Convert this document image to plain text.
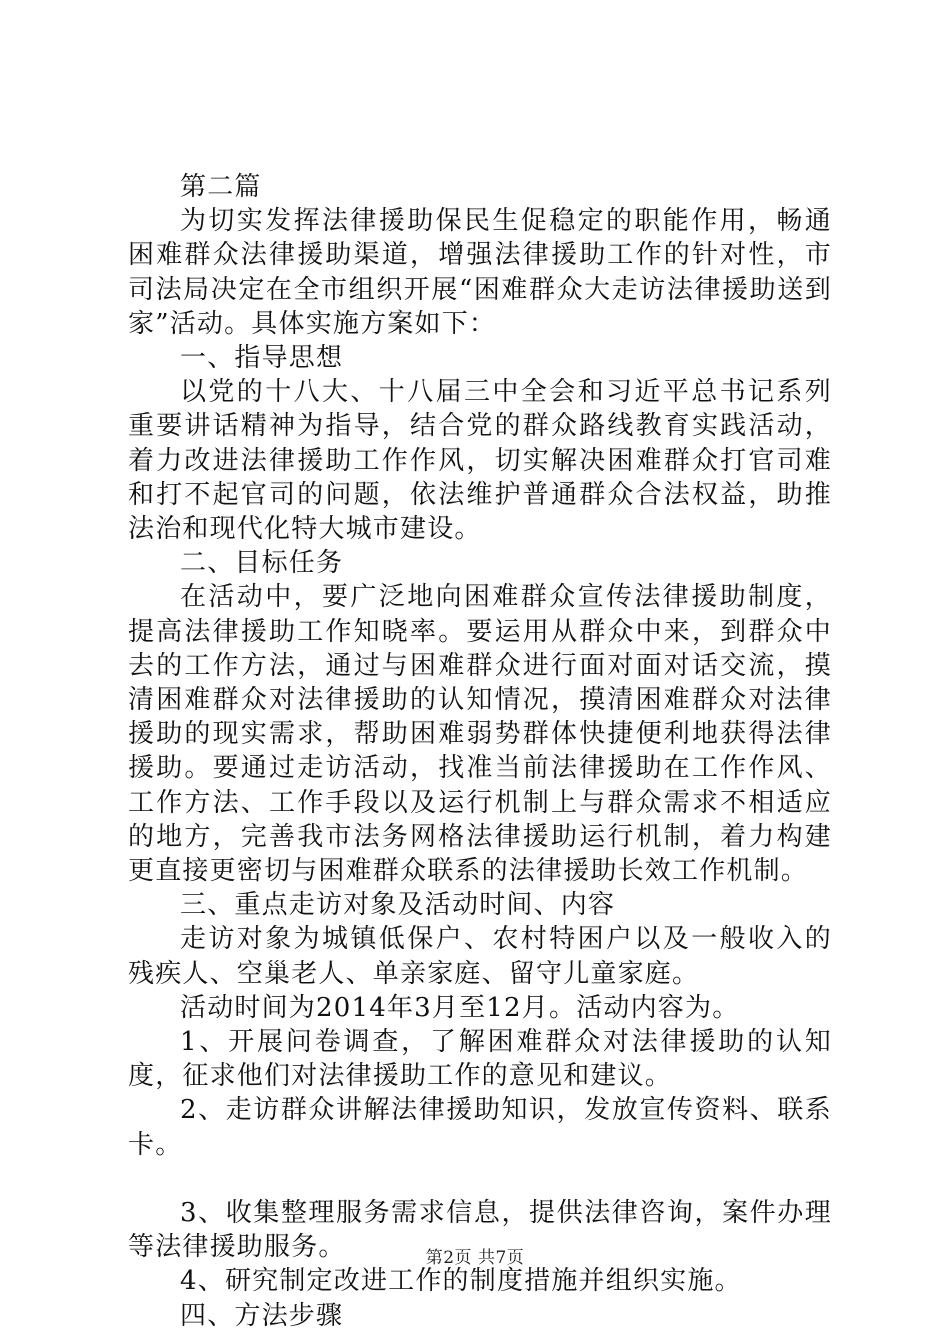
第二篇

为切实发挥法律援助保民生促稳定的职能作用，畅通困难群众法律援助渠道，增强法律援助工作的针对性，市司法局决定在全市组织开展“困难群众大走访法律援助送到家”活动。具体实施方案如下：

一、指导思想

以党的十八大、十八届三中全会和习近平总书记系列重要讲话精神为指导，结合党的群众路线教育实践活动，着力改进法律援助工作作风，切实解决困难群众打官司难和打不起官司的问题，依法维护普通群众合法权益，助推法治和现代化特大城市建设。

二、目标任务

在活动中，要广泛地向困难群众宣传法律援助制度，提高法律援助工作知晓率。要运用从群众中来，到群众中去的工作方法，通过与困难群众进行面对面对话交流，摸清困难群众对法律援助的认知情况，摸清困难群众对法律援助的现实需求，帮助困难弱势群体快捷便利地获得法律援助。要通过走访活动，找准当前法律援助在工作作风、工作方法、工作手段以及运行机制上与群众需求不相适应的地方，完善我市法务网格法律援助运行机制，着力构建更直接更密切与困难群众联系的法律援助长效工作机制。

三、重点走访对象及活动时间、内容

走访对象为城镇低保户、农村特困户以及一般收入的残疾人、空巢老人、单亲家庭、留守儿童家庭。

活动时间为2014年3月至12月。活动内容为。

1、开展问卷调查，了解困难群众对法律援助的认知度，征求他们对法律援助工作的意见和建议。

2、走访群众讲解法律援助知识，发放宣传资料、联系卡。

3、收集整理服务需求信息，提供法律咨询，案件办理等法律援助服务。

4、研究制定改进工作的制度措施并组织实施。

四、方法步骤

第2页 共7页
